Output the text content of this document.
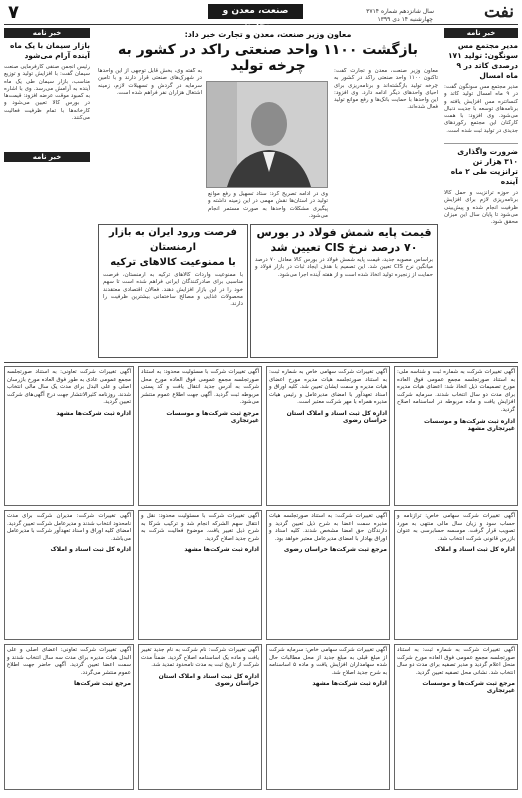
نفت
صنعت، معدن و تجارت
سال شانزدهم شماره ۳۷۱۴
چهارشنبه ۱۴ دی ۱۳۹۹
۷
خبر نامه
مدیر مجتمع مس سونگون: تولید ۱۷۱ درصدی کاتد در ۹ ماه امسال
مدیر مجتمع مس سونگون گفت: در ۹ ماه امسال تولید کاتد و کنسانتره مس افزایش یافته و برنامه‌های توسعه با جدیت دنبال می‌شود. وی افزود: با همت کارکنان این مجتمع رکوردهای جدیدی در تولید ثبت شده است.
ضرورت واگذاری ۳۱۰ هزار تن ترانزیت طی ۲ ماه آینده
در حوزه ترانزیت و حمل کالا برنامه‌ریزی لازم برای افزایش ظرفیت انجام شده و پیش‌بینی می‌شود تا پایان سال این میزان محقق شود.
خبر نامه
بازار سیمان با یک ماه آینده آرام می‌شود
رئیس انجمن صنفی کارفرمایی صنعت سیمان گفت: با افزایش تولید و توزیع مناسب، بازار سیمان طی یک ماه آینده به آرامش می‌رسد. وی با اشاره به کمبود موقت عرضه افزود: قیمت‌ها در بورس کالا تعیین می‌شود و کارخانه‌ها با تمام ظرفیت فعالیت می‌کنند.
خبر نامه
معاون وزیر صنعت، معدن و تجارت خبر داد:
بازگشت ۱۱۰۰ واحد صنعتی راکد در کشور به چرخه تولید	معاون وزیر صنعت، معدن و تجارت گفت: تاکنون ۱۱۰۰ واحد صنعتی راکد در کشور به چرخه تولید بازگشته‌اند و برنامه‌ریزی برای احیای واحدهای دیگر ادامه دارد. وی افزود: این واحدها با حمایت بانک‌ها و رفع موانع تولید فعال شده‌اند.
به گفته وی، بخش قابل توجهی از این واحدها در شهرک‌های صنعتی قرار دارند و با تامین سرمایه در گردش و تسهیلات لازم، زمینه اشتغال هزاران نفر فراهم شده است.
وی در ادامه تصریح کرد: ستاد تسهیل و رفع موانع تولید در استان‌ها نقش مهمی در این زمینه داشته و پیگیری مشکلات واحدها به صورت مستمر انجام می‌شود.
قیمت پایه شمش فولاد در بورس
۷۰ درصد نرخ CIS تعیین شد
براساس مصوبه جدید، قیمت پایه شمش فولاد در بورس کالا معادل ۷۰ درصد میانگین نرخ CIS تعیین شد. این تصمیم با هدف ایجاد ثبات در بازار فولاد و حمایت از زنجیره تولید اتخاذ شده است و از هفته آینده اجرا می‌شود.
فرصت ورود ایران به بازار ارمنستان
با ممنوعیت کالاهای ترکیه
با ممنوعیت واردات کالاهای ترکیه به ارمنستان، فرصت مناسبی برای صادرکنندگان ایرانی فراهم شده است تا سهم خود را در این بازار افزایش دهند. فعالان اقتصادی معتقدند محصولات غذایی و مصالح ساختمانی بیشترین ظرفیت را دارند.
آگهی تغییرات شرکت به شماره ثبت و شناسه ملی: به استناد صورتجلسه مجمع عمومی فوق العاده مورخ تصمیمات ذیل اتخاذ شد: اعضای هیات مدیره برای مدت دو سال انتخاب شدند. سرمایه شرکت افزایش یافت و ماده مربوطه در اساسنامه اصلاح گردید.
اداره ثبت شرکت‌ها و موسسات غیرتجاری مشهد
آگهی تغییرات شرکت سهامی خاص به شماره ثبت: به استناد صورتجلسه هیات مدیره مورخ اعضای هیات مدیره و سمت ایشان تعیین شد. کلیه اوراق و اسناد تعهدآور با امضای مدیرعامل و رئیس هیات مدیره همراه با مهر شرکت معتبر است.
اداره کل ثبت اسناد و املاک استان خراسان رضوی
آگهی تغییرات شرکت با مسئولیت محدود: به استناد صورتجلسه مجمع عمومی فوق العاده مورخ محل شرکت به آدرس جدید انتقال یافت و کد پستی مربوطه ثبت گردید. آگهی جهت اطلاع عموم منتشر می‌شود.
مرجع ثبت شرکت‌ها و موسسات غیرتجاری
آگهی تغییرات شرکت تعاونی: به استناد صورتجلسه مجمع عمومی عادی به طور فوق العاده مورخ بازرسان اصلی و علی البدل برای مدت یک سال مالی انتخاب شدند. روزنامه کثیرالانتشار جهت درج آگهی‌های شرکت تعیین گردید.
اداره ثبت شرکت‌ها مشهد
آگهی تغییرات شرکت سهامی خاص: ترازنامه و حساب سود و زیان سال مالی منتهی به مورد تصویب قرار گرفت. موسسه حسابرسی به عنوان بازرس قانونی شرکت انتخاب شد.
اداره کل ثبت اسناد و املاک
آگهی تغییرات شرکت: به استناد صورتجلسه هیات مدیره سمت اعضا به شرح ذیل تعیین گردید و دارندگان حق امضا مشخص شدند. کلیه اسناد و اوراق بهادار با امضای مدیرعامل معتبر خواهد بود.
مرجع ثبت شرکت‌ها خراسان رضوی
آگهی تغییرات شرکت با مسئولیت محدود: نقل و انتقال سهم الشرکه انجام شد و ترکیب شرکا به شرح ذیل تغییر یافت. موضوع فعالیت شرکت به شرح جدید اصلاح گردید.
اداره ثبت شرکت‌ها مشهد
آگهی تغییرات شرکت: مدیران شرکت برای مدت نامحدود انتخاب شدند و مدیرعامل شرکت تعیین گردید. امضای کلیه اوراق و اسناد تعهدآور شرکت با مدیرعامل می‌باشد.
اداره کل ثبت اسناد و املاک
آگهی تغییرات شرکت به شماره ثبت: به استناد صورتجلسه مجمع عمومی فوق العاده مورخ شرکت منحل اعلام گردید و مدیر تصفیه برای مدت دو سال انتخاب شد. نشانی محل تصفیه تعیین گردید.
مرجع ثبت شرکت‌ها و موسسات غیرتجاری
آگهی تغییرات شرکت سهامی خاص: سرمایه شرکت از مبلغ قبلی به مبلغ جدید از محل مطالبات حال شده سهامداران افزایش یافت و ماده ۵ اساسنامه به شرح جدید اصلاح شد.
اداره ثبت شرکت‌ها مشهد
آگهی تغییرات شرکت: نام شرکت به نام جدید تغییر یافت و ماده یک اساسنامه اصلاح گردید. ضمناً مدت شرکت از تاریخ ثبت به مدت نامحدود تمدید شد.
اداره کل ثبت اسناد و املاک استان خراسان رضوی
آگهی تغییرات شرکت تعاونی: اعضای اصلی و علی البدل هیات مدیره برای مدت سه سال انتخاب شدند و سمت اعضا تعیین گردید. آگهی حاضر جهت اطلاع عموم منتشر می‌گردد.
مرجع ثبت شرکت‌ها
